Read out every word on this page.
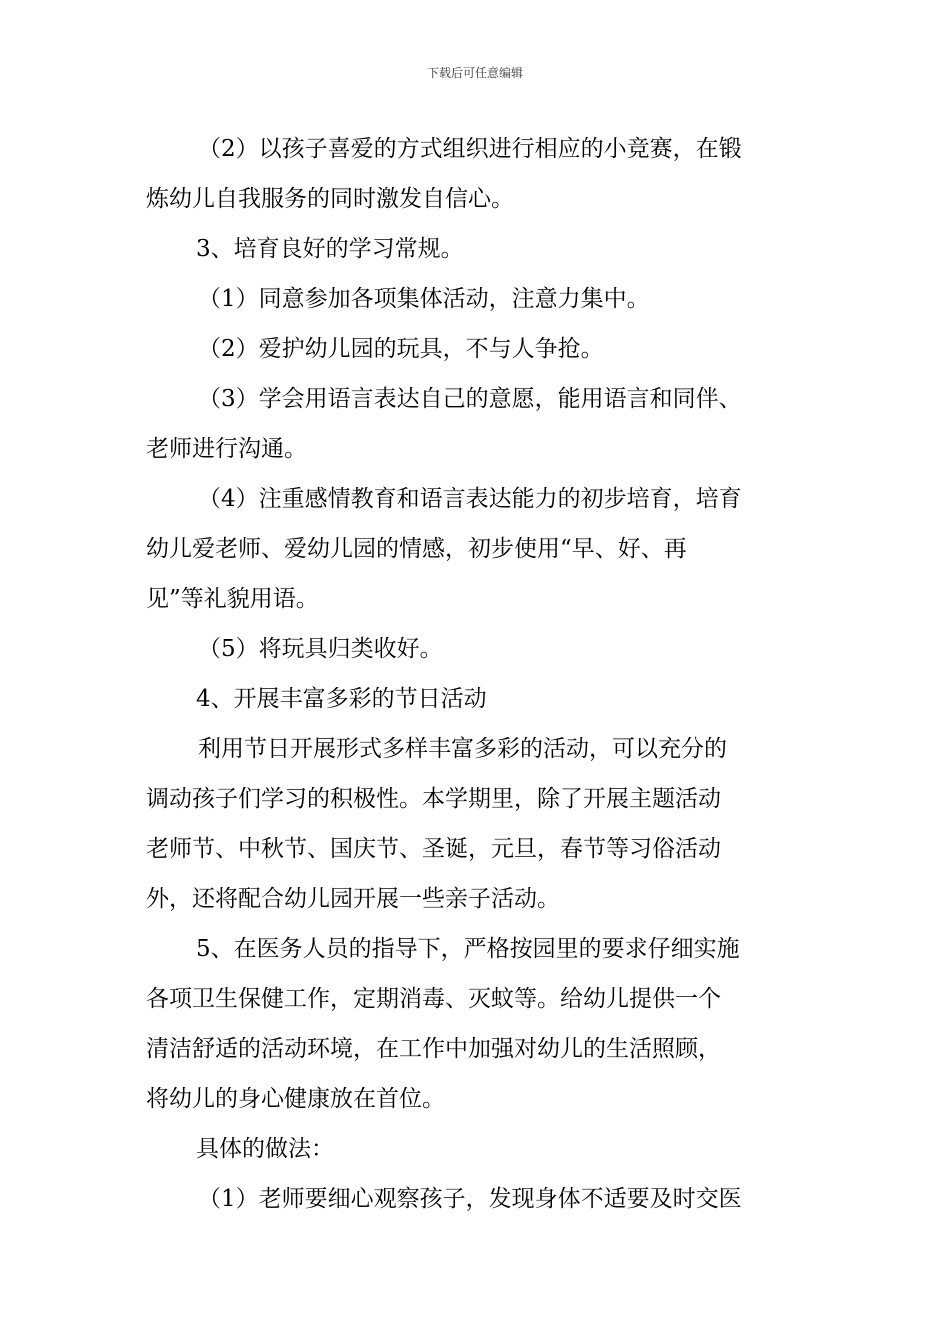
下载后可任意编辑
（2）以孩子喜爱的方式组织进行相应的小竞赛，在锻
炼幼儿自我服务的同时激发自信心。
3、培育良好的学习常规。
（1）同意参加各项集体活动，注意力集中。
（2）爱护幼儿园的玩具，不与人争抢。
（3）学会用语言表达自己的意愿，能用语言和同伴、
老师进行沟通。
（4）注重感情教育和语言表达能力的初步培育，培育
幼儿爱老师、爱幼儿园的情感，初步使用“早、好、再
见”等礼貌用语。
（5）将玩具归类收好。
4、开展丰富多彩的节日活动
利用节日开展形式多样丰富多彩的活动，可以充分的
调动孩子们学习的积极性。本学期里，除了开展主题活动
老师节、中秋节、国庆节、圣诞，元旦，春节等习俗活动
外，还将配合幼儿园开展一些亲子活动。
5、在医务人员的指导下，严格按园里的要求仔细实施
各项卫生保健工作，定期消毒、灭蚊等。给幼儿提供一个
清洁舒适的活动环境，在工作中加强对幼儿的生活照顾，
将幼儿的身心健康放在首位。
具体的做法：
（1）老师要细心观察孩子，发现身体不适要及时交医
